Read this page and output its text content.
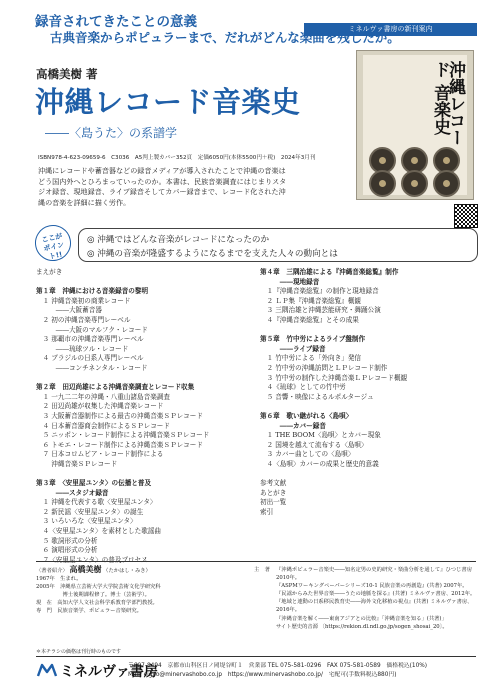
ミネルヴァ書房の新刊案内
録音されてきたことの意義
古典音楽からポピュラーまで、だれがどんな楽曲を残したか。
高橋美樹 著
沖縄レコード音楽史
――〈島うた〉の系譜学
ISBN978-4-623-09659-6　C3036　A5判上製カバー352頁　定価6050円(本体5500円＋税)　2024年3月刊
沖縄にレコードや蓄音器などの録音メディアが導入されたことで沖縄の音楽は
どう国内外へとひろまっていったのか。本書は、民族音楽調査にはじまりスタ
ジオ録音、現地録音、ライブ録音そしてカバー録音まで、レコード化された沖
縄の音楽を詳細に描く労作。
沖縄レコード 音楽史
ここが
ポイント!!
◎ 沖縄ではどんな音楽がレコードになったのか
◎ 沖縄の音楽が隆盛するようになるまでを支えた人々の動向とは
まえがき

第１章　沖縄における音楽録音の黎明
　１ 沖縄音楽初の商業レコード
　　　――大阪蓄音器
　２ 初の沖縄音楽専門レーベル
　　　――大阪のマルフク・レコード
　３ 那覇市の沖縄音楽専門レーベル
　　　――琉球ツル・レコード
　４ ブラジルの日系人専門レーベル
　　　――コンチネンタル・レコード

第２章　田辺尚雄による沖縄音楽調査とレコード収集
　１ 一九二二年の沖縄・八重山諸島音楽調査
　２ 田辺尚雄が収集した沖縄音楽レコード
　３ 大阪蓄音器制作による最古の沖縄音楽ＳＰレコード
　４ 日本蓄音器商会制作によるＳＰレコード
　５ ニッポン・レコード制作による沖縄音楽ＳＰレコード
　６ トモエ・レコード制作による沖縄音楽ＳＰレコード
　７ 日本コロムビア・レコード制作による
　　 沖縄音楽ＳＰレコード

第３章　〈安里屋ユンタ〉の伝播と普及
　　　――スタジオ録音
　１ 沖縄を代表する歌〈安里屋ユンタ〉
　２ 新民謡〈安里屋ユンタ〉の誕生
　３ いろいろな〈安里屋ユンタ〉
　４〈安里屋ユンタ〉を素材とした歌謡曲
　５ 歌詞形式の分析
　６ 演唱形式の分析
　７〈安里屋ユンタ〉の普及プロセス
第４章　三隅治雄による『沖縄音楽総覧』制作
　　　――現地録音
　１『沖縄音楽総覧』の制作と現地録音
　２ ＬＰ集『沖縄音楽総覧』概観
　３ 三隅治雄と沖縄芸能研究・舞踊公演
　４『沖縄音楽総覧』とその成果

第５章　竹中労によるライブ盤制作
　　　――ライブ録音
　１ 竹中労による「外向き」発信
　２ 竹中労の沖縄訪問とＬＰレコード制作
　３ 竹中労の制作した沖縄音楽ＬＰレコード概観
　４《琉球》としての竹中労
　５ 音響・映像によるルポルタージュ

第６章　歌い継がれる〈島唄〉
　　　――カバー録音
　１ THE BOOM〈島唄〉とカバー現象
　２ 国境を越えて流布する〈島唄〉
　３ カバー曲としての〈島唄〉
　４〈島唄〉カバーの成果と歴史的意義

参考文献
あとがき
初出一覧
索引
〈著者紹介〉 高橋美樹 （たかはし・みき）
1967年　生まれ。
2005年　沖縄県立芸術大学大学院芸術文化学研究科
　　　　　博士後期課程修了。博士（芸術学）。
現　在　高知大学人文社会科学系教育学部門教授。
専　門　民族音楽学、ポピュラー音楽研究。
主　著 『沖縄ポピュラー音楽史――知名定男の史的研究・楽曲分析を通して』ひつじ書房
2010年。
『ASPMワーキングペーパーシリーズ10-1 民族音楽の再創造』(共著) 2007年。
『民謡からみた世界音楽――うたの地脈を探る』(共著) ミネルヴァ書房、2012年。
『地域と連動の日系移民教育史――海外文化移植の視点』(共著) ミネルヴァ書房、
2016年。
『沖縄音楽を解く――東南アジアとの比較』「沖縄音楽を知る」(共著)」
サイト歴史的音源 〔https://rekion.dl.ndl.go.jp/sogen_shosai_20〕。
＊本チラシの価格は刊行時のものです
ミネルヴァ書房
〒607-8494　京都市山科区日ノ岡堤谷町１　営業部 TEL 075-581-0296　FAX 075-581-0589　価格税込(10%)
Mail: eigyo@minervashobo.co.jp　https://www.minervashobo.co.jp/　宅配可(手数料税込880円)
